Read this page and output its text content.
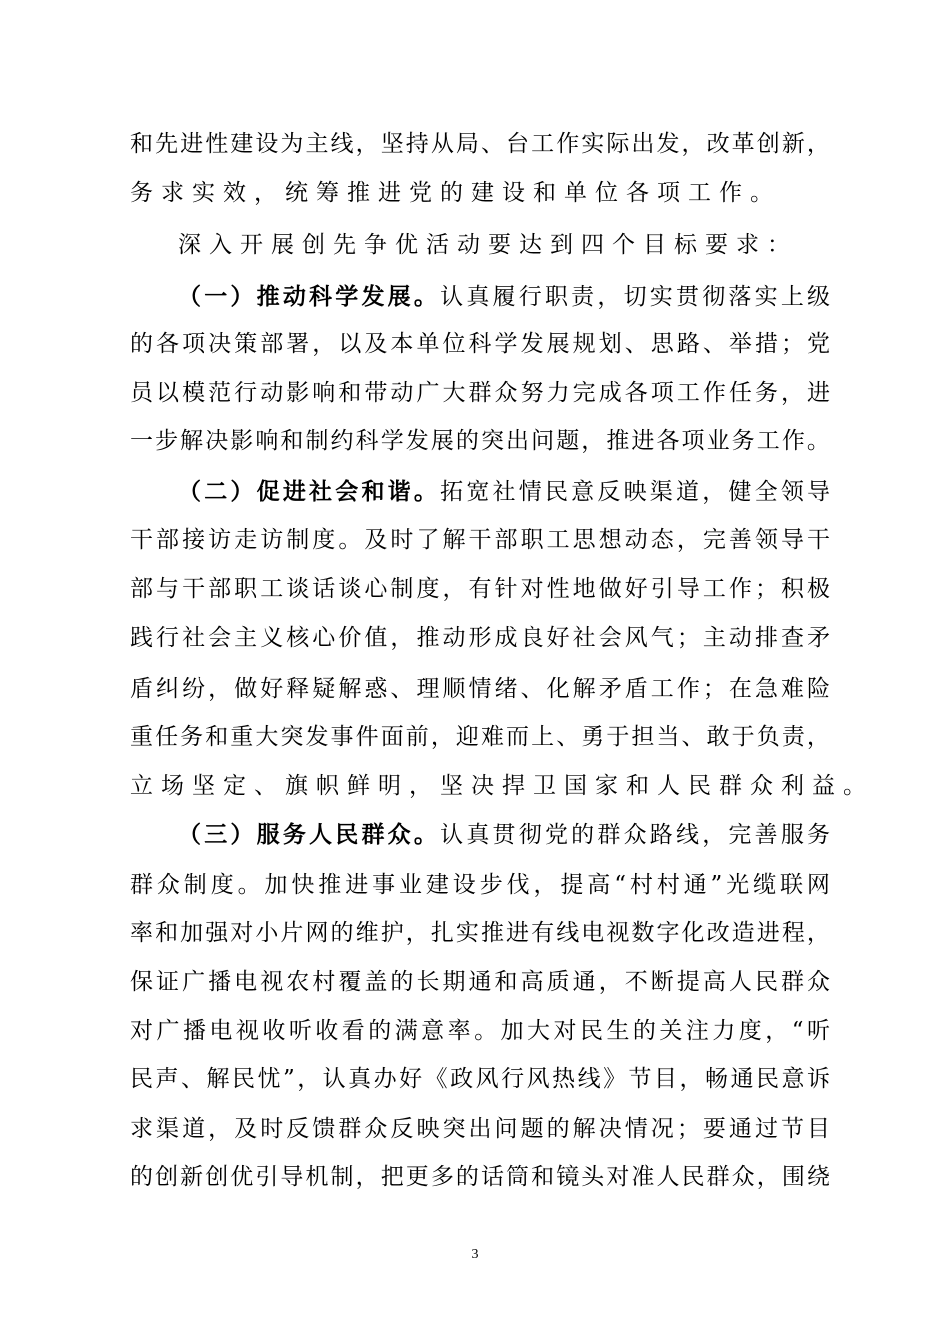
和先进性建设为主线，坚持从局、台工作实际出发，改革创新，
务求实效，统筹推进党的建设和单位各项工作。
深入开展创先争优活动要达到四个目标要求：
（一）推动科学发展。认真履行职责，切实贯彻落实上级
的各项决策部署，以及本单位科学发展规划、思路、举措；党
员以模范行动影响和带动广大群众努力完成各项工作任务，进
一步解决影响和制约科学发展的突出问题，推进各项业务工作。
（二）促进社会和谐。拓宽社情民意反映渠道，健全领导
干部接访走访制度。及时了解干部职工思想动态，完善领导干
部与干部职工谈话谈心制度，有针对性地做好引导工作；积极
践行社会主义核心价值，推动形成良好社会风气；主动排查矛
盾纠纷，做好释疑解惑、理顺情绪、化解矛盾工作；在急难险
重任务和重大突发事件面前，迎难而上、勇于担当、敢于负责，
立场坚定、旗帜鲜明，坚决捍卫国家和人民群众利益。
（三）服务人民群众。认真贯彻党的群众路线，完善服务
群众制度。加快推进事业建设步伐，提高“村村通”光缆联网
率和加强对小片网的维护，扎实推进有线电视数字化改造进程，
保证广播电视农村覆盖的长期通和高质通，不断提高人民群众
对广播电视收听收看的满意率。加大对民生的关注力度，“听
民声、解民忧”，认真办好《政风行风热线》节目，畅通民意诉
求渠道，及时反馈群众反映突出问题的解决情况；要通过节目
的创新创优引导机制，把更多的话筒和镜头对准人民群众，围绕
3
